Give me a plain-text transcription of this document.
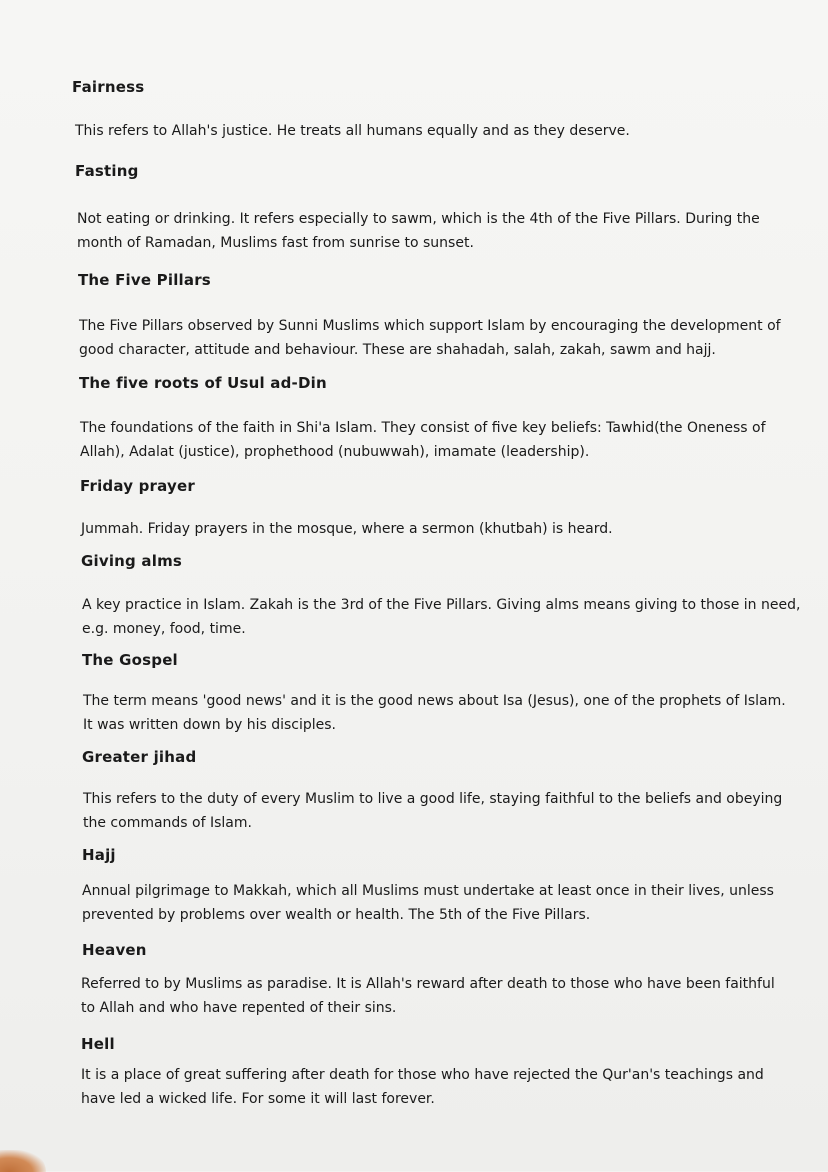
Fairness
This refers to Allah's justice. He treats all humans equally and as they deserve.
Fasting
Not eating or drinking. It refers especially to sawm, which is the 4th of the Five Pillars. During the
month of Ramadan, Muslims fast from sunrise to sunset.
The Five Pillars
The Five Pillars observed by Sunni Muslims which support Islam by encouraging the development of
good character, attitude and behaviour. These are shahadah, salah, zakah, sawm and hajj.
The five roots of Usul ad-Din
The foundations of the faith in Shi'a Islam. They consist of five key beliefs: Tawhid(the Oneness of
Allah), Adalat (justice), prophethood (nubuwwah), imamate (leadership).
Friday prayer
Jummah. Friday prayers in the mosque, where a sermon (khutbah) is heard.
Giving alms
A key practice in Islam. Zakah is the 3rd of the Five Pillars. Giving alms means giving to those in need,
e.g. money, food, time.
The Gospel
The term means 'good news' and it is the good news about Isa (Jesus), one of the prophets of Islam.
It was written down by his disciples.
Greater jihad
This refers to the duty of every Muslim to live a good life, staying faithful to the beliefs and obeying
the commands of Islam.
Hajj
Annual pilgrimage to Makkah, which all Muslims must undertake at least once in their lives, unless
prevented by problems over wealth or health. The 5th of the Five Pillars.
Heaven
Referred to by Muslims as paradise. It is Allah's reward after death to those who have been faithful
to Allah and who have repented of their sins.
Hell
It is a place of great suffering after death for those who have rejected the Qur'an's teachings and
have led a wicked life. For some it will last forever.
